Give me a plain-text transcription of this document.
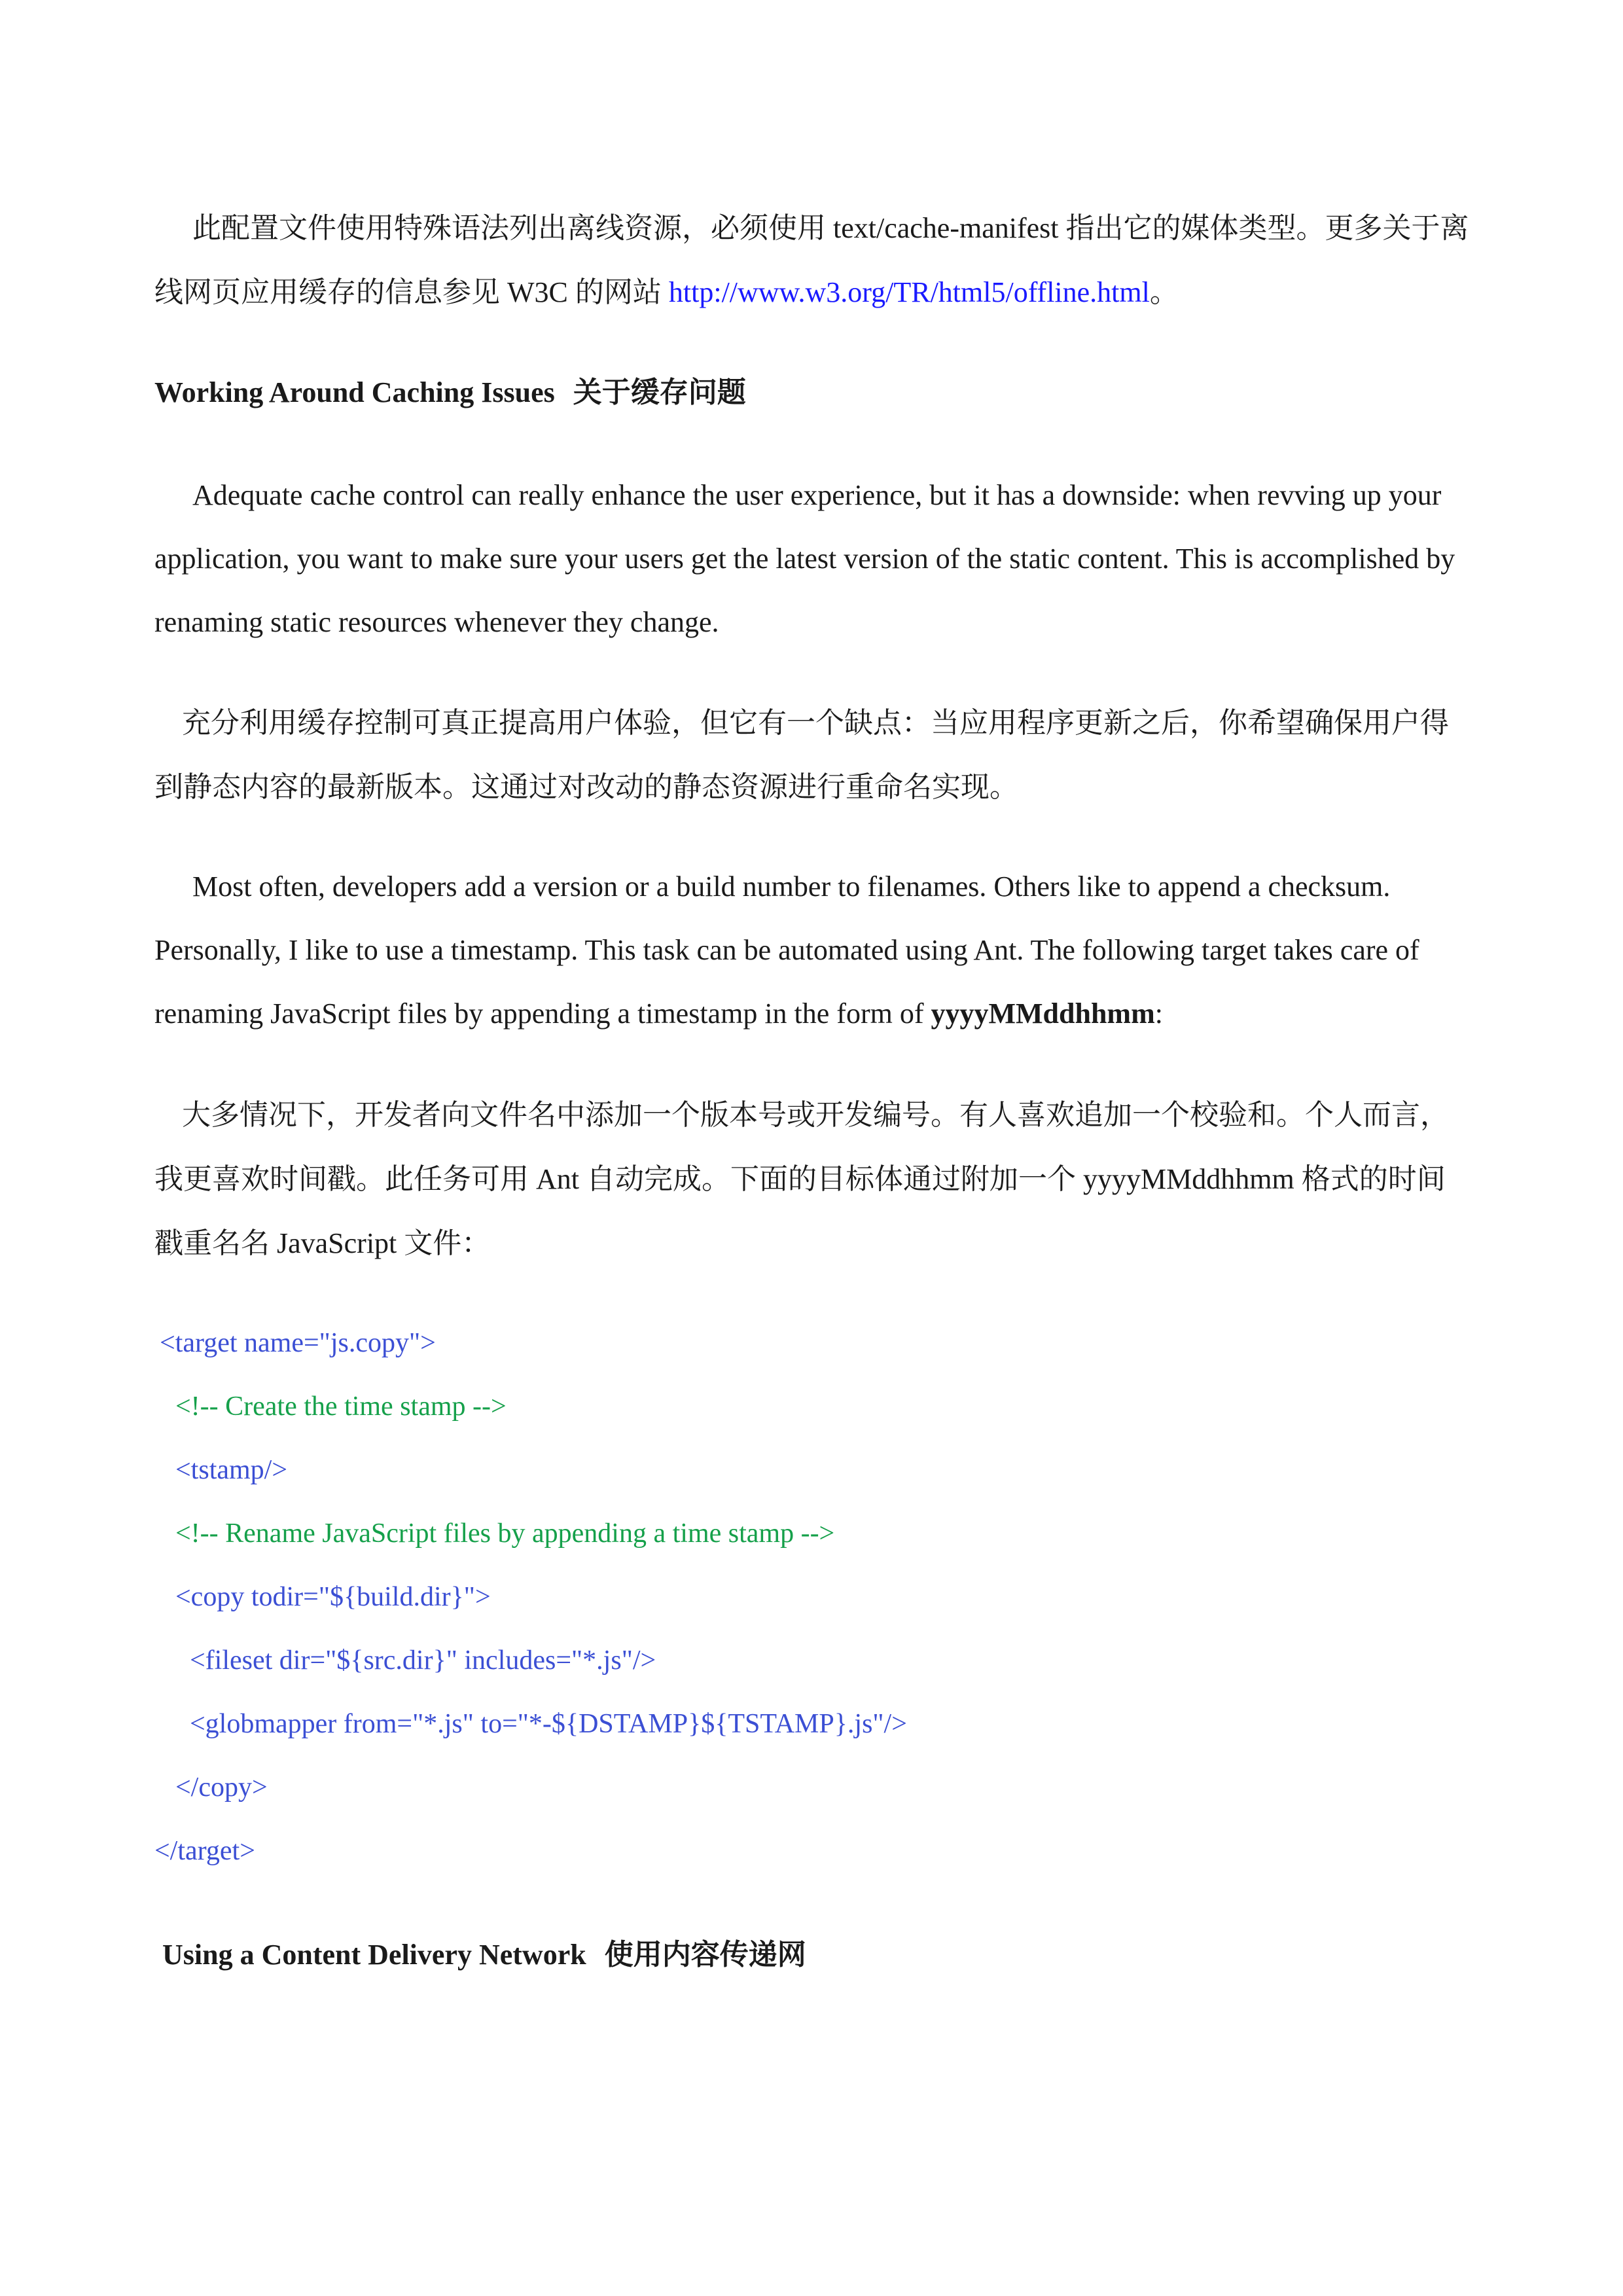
此配置文件使用特殊语法列出离线资源，必须使用 text/cache-manifest 指出它的媒体类型。更多关于离线网页应用缓存的信息参见 W3C 的网站 http://www.w3.org/TR/html5/offline.html。

Working Around Caching Issues 关于缓存问题

Adequate cache control can really enhance the user experience, but it has a downside: when revving up your application, you want to make sure your users get the latest version of the static content. This is accomplished by renaming static resources whenever they change.

充分利用缓存控制可真正提高用户体验，但它有一个缺点：当应用程序更新之后，你希望确保用户得到静态内容的最新版本。这通过对改动的静态资源进行重命名实现。

Most often, developers add a version or a build number to filenames. Others like to append a checksum. Personally, I like to use a timestamp. This task can be automated using Ant. The following target takes care of renaming JavaScript files by appending a timestamp in the form of yyyyMMddhhmm:

大多情况下，开发者向文件名中添加一个版本号或开发编号。有人喜欢追加一个校验和。个人而言，我更喜欢时间戳。此任务可用 Ant 自动完成。下面的目标体通过附加一个 yyyyMMddhhmm 格式的时间戳重名名 JavaScript 文件：

<target name="js.copy">
<!-- Create the time stamp -->
<tstamp/>
<!-- Rename JavaScript files by appending a time stamp -->
<copy todir="${build.dir}">
<fileset dir="${src.dir}" includes="*.js"/>
<globmapper from="*.js" to="*-${DSTAMP}${TSTAMP}.js"/>
</copy>
</target>
Using a Content Delivery Network 使用内容传递网
